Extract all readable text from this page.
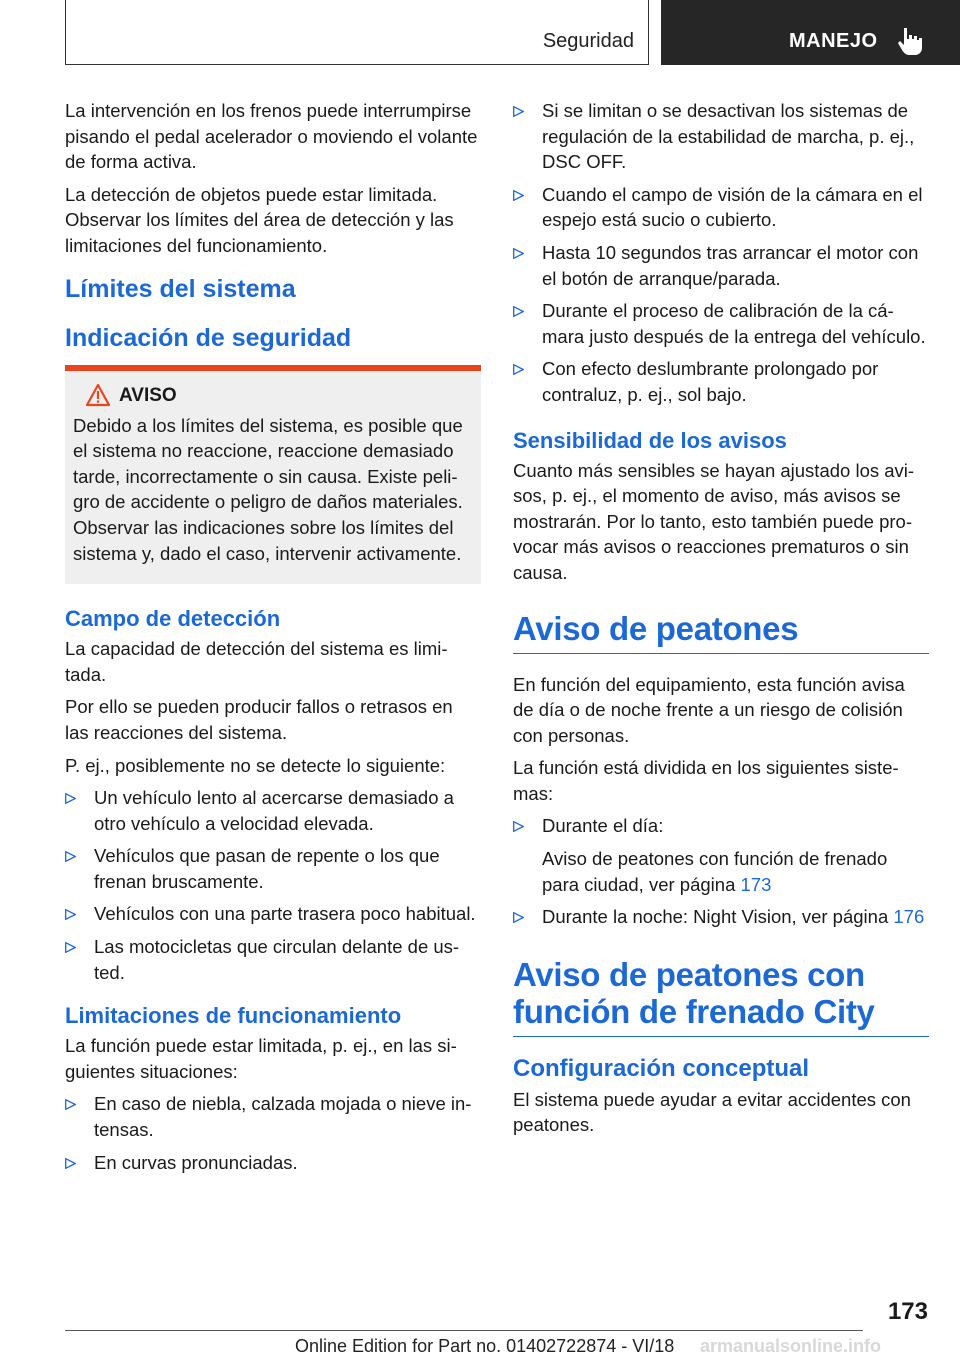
Seguridad	MANEJO

La intervención en los frenos puede interrumpirse pisando el pedal acelerador o moviendo el volante de forma activa.

La detección de objetos puede estar limitada. Observar los límites del área de detección y las limitaciones del funcionamiento.

Límites del sistema
Indicación de seguridad
AVISO
Debido a los límites del sistema, es posible que el sistema no reaccione, reaccione demasiado tarde, incorrectamente o sin causa. Existe peligro de accidente o peligro de daños materiales. Observar las indicaciones sobre los límites del sistema y, dado el caso, intervenir activamente.
Campo de detección

La capacidad de detección del sistema es limitada.

Por ello se pueden producir fallos o retrasos en las reacciones del sistema.

P. ej., posiblemente no se detecte lo siguiente:

Un vehículo lento al acercarse demasiado a otro vehículo a velocidad elevada.
Vehículos que pasan de repente o los que frenan bruscamente.
Vehículos con una parte trasera poco habitual.
Las motocicletas que circulan delante de usted.
Limitaciones de funcionamiento

La función puede estar limitada, p. ej., en las siguientes situaciones:

En caso de niebla, calzada mojada o nieve intensas.
En curvas pronunciadas.
Si se limitan o se desactivan los sistemas de regulación de la estabilidad de marcha, p. ej., DSC OFF.
Cuando el campo de visión de la cámara en el espejo está sucio o cubierto.
Hasta 10 segundos tras arrancar el motor con el botón de arranque/parada.
Durante el proceso de calibración de la cámara justo después de la entrega del vehículo.
Con efecto deslumbrante prolongado por contraluz, p. ej., sol bajo.
Sensibilidad de los avisos

Cuanto más sensibles se hayan ajustado los avisos, p. ej., el momento de aviso, más avisos se mostrarán. Por lo tanto, esto también puede provocar más avisos o reacciones prematuros o sin causa.

Aviso de peatones

En función del equipamiento, esta función avisa de día o de noche frente a un riesgo de colisión con personas.

La función está dividida en los siguientes sistemas:

Durante el día:
Aviso de peatones con función de frenado para ciudad, ver página 173
Durante la noche: Night Vision, ver página 176
Aviso de peatones con función de frenado City
Configuración conceptual

El sistema puede ayudar a evitar accidentes con peatones.

173
Online Edition for Part no. 01402722874 - VI/18 armanualsonline.info
